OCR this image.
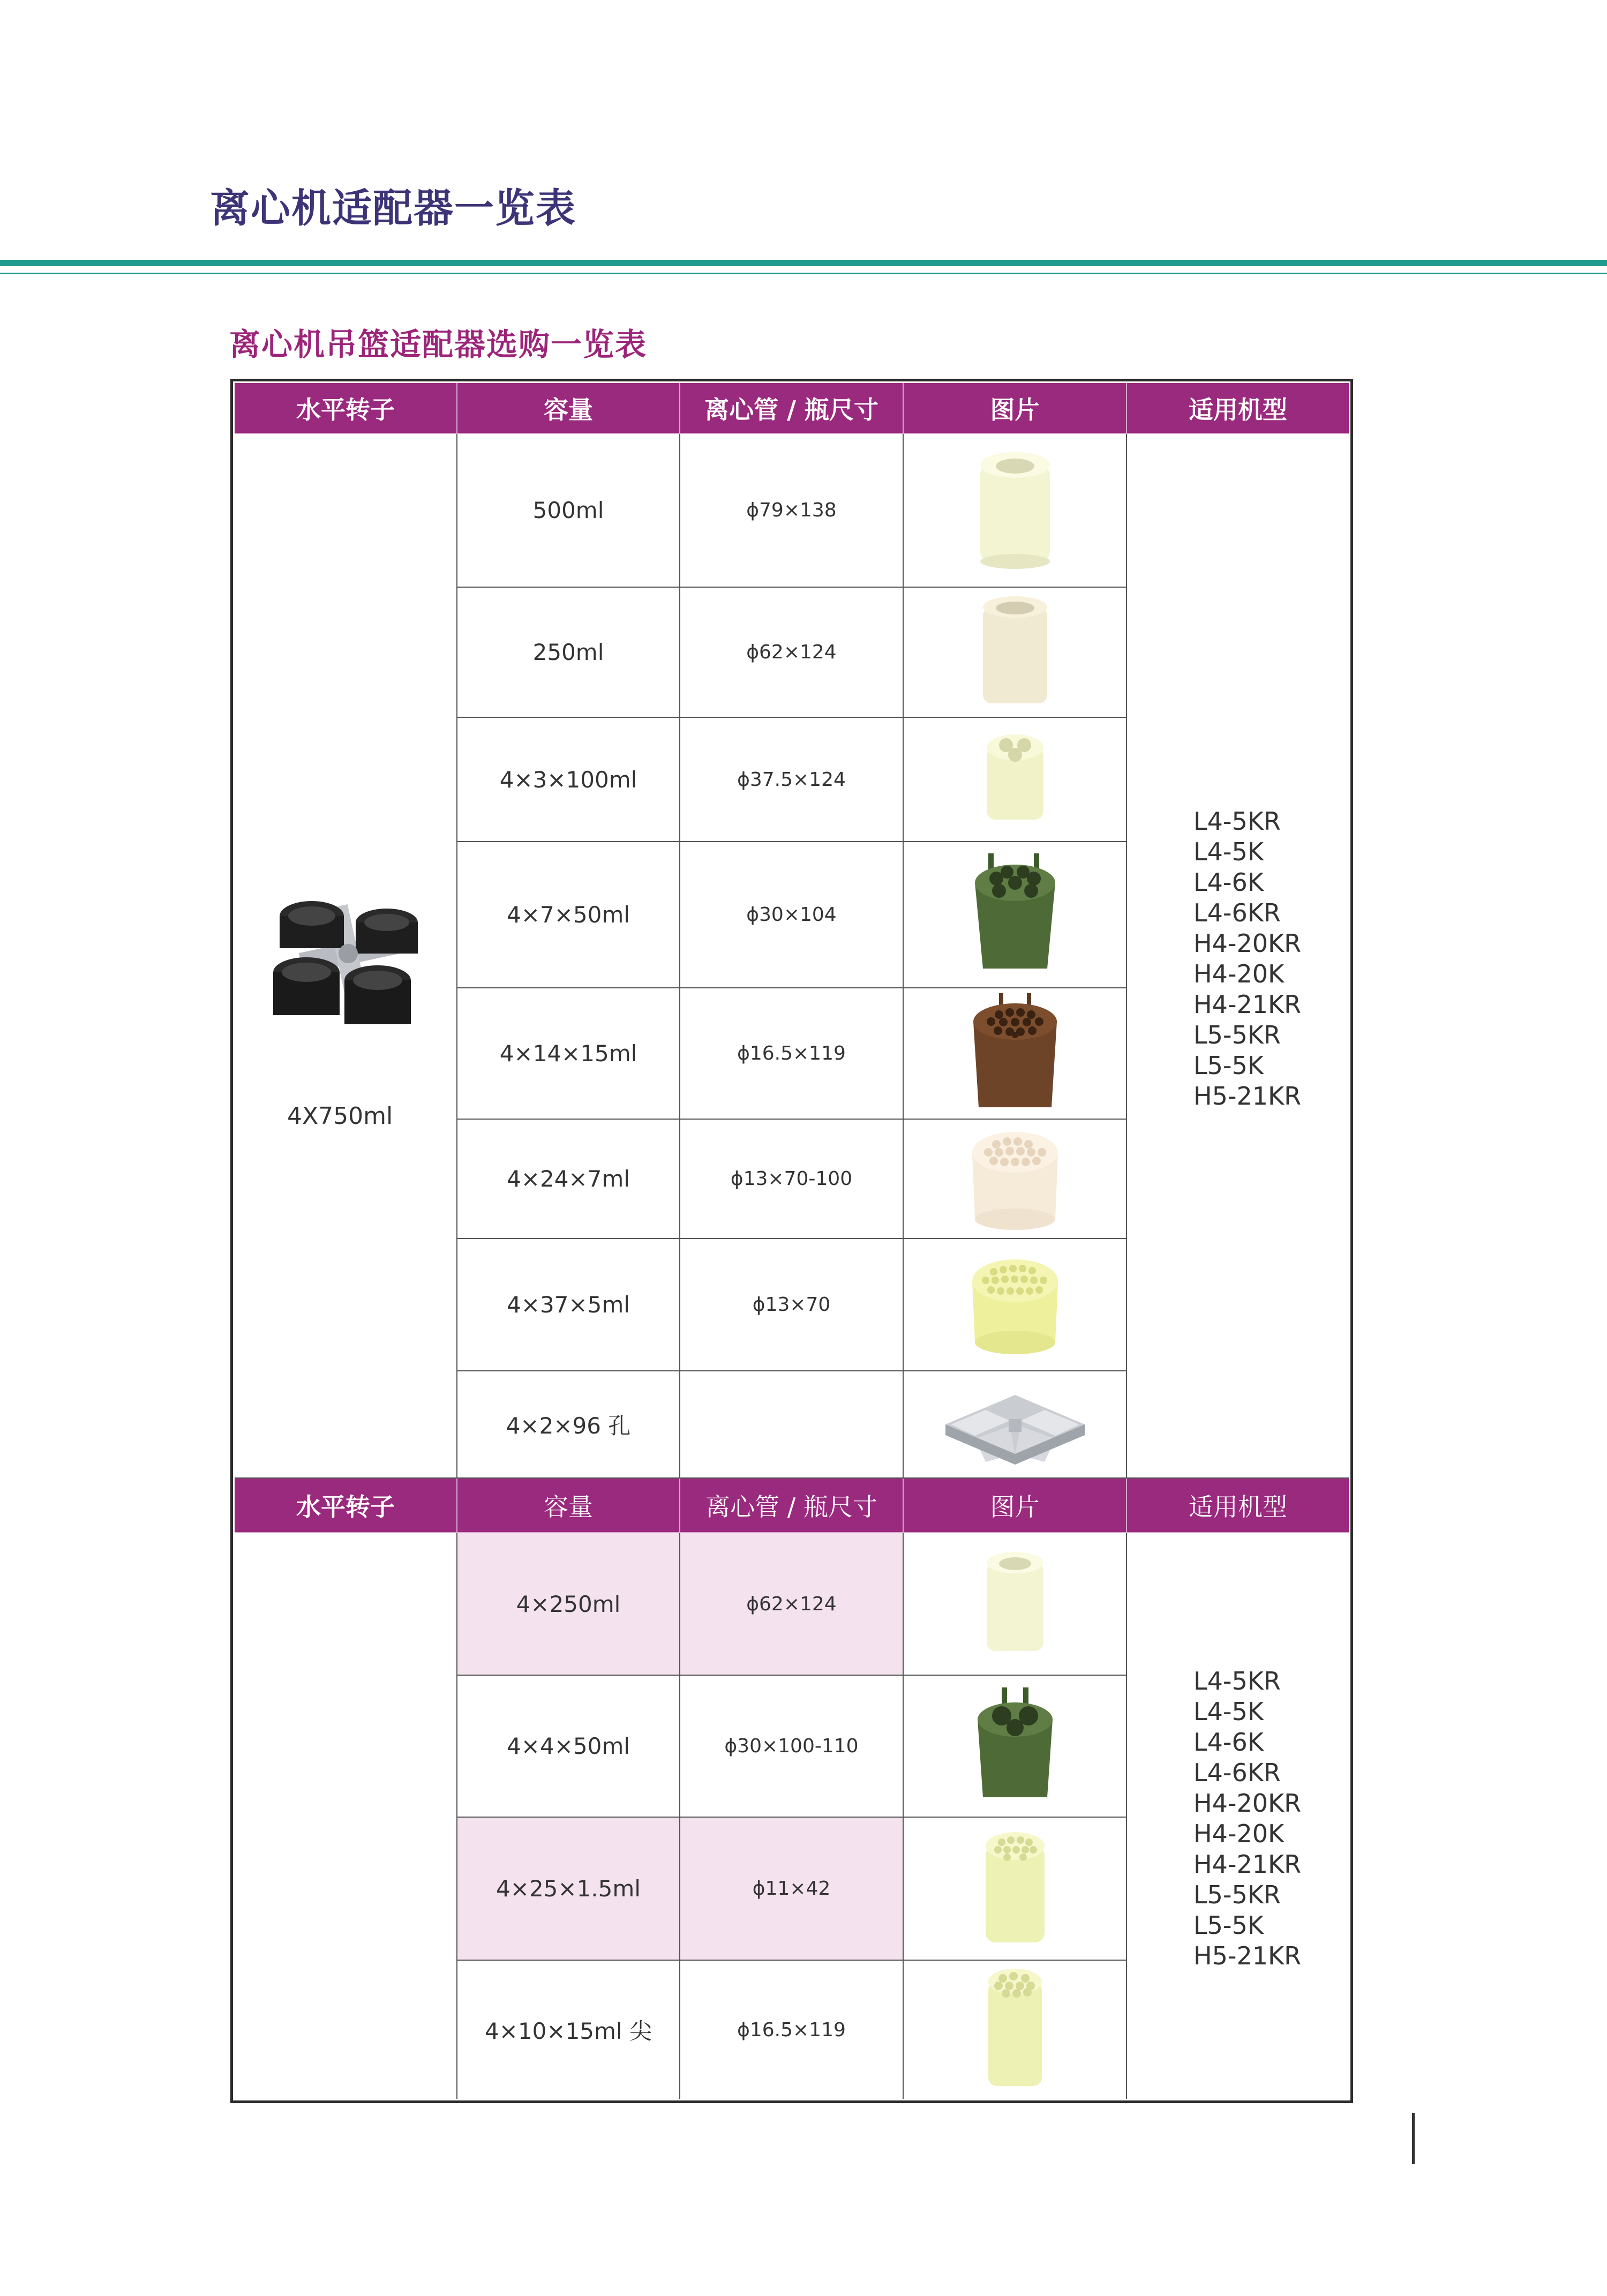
离心机适配器一览表
离心机吊篮适配器选购一览表
水平转子	容量	离心管 / 瓶尺寸	图片	适用机型
4X750ml
500ml	ϕ79×138
250ml	ϕ62×124
4×3×100ml	ϕ37.5×124
4×7×50ml	ϕ30×104
4×14×15ml	ϕ16.5×119
4×24×7ml	ϕ13×70-100
4×37×5ml	ϕ13×70
4×2×96 孔
L4-5KR
L4-5K
L4-6K
L4-6KR
H4-20KR
H4-20K
H4-21KR
L5-5KR
L5-5K
H5-21KR
水平转子	容量	离心管 / 瓶尺寸	图片	适用机型
4×250ml	ϕ62×124
4×4×50ml	ϕ30×100-110
4×25×1.5ml	ϕ11×42
4×10×15ml 尖	ϕ16.5×119
L4-5KR
L4-5K
L4-6K
L4-6KR
H4-20KR
H4-20K
H4-21KR
L5-5KR
L5-5K
H5-21KR
